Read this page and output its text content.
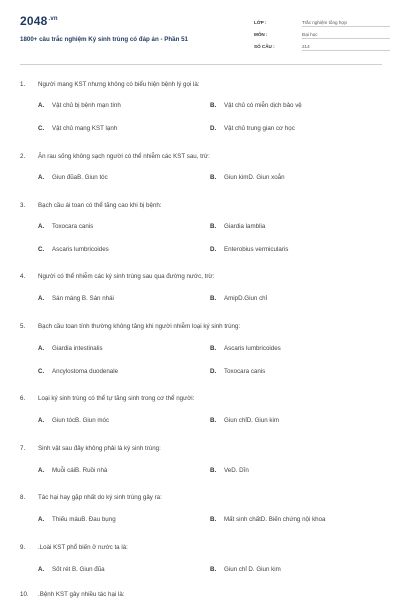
$2048^{.vn}$
1800+ câu trắc nghiệm Ký sinh trùng có đáp án - Phần 51
LỚP :	Trắc nghiệm tổng hợp
MÔN :	Đại học
SỐ CÂU :	214
1. Người mang KST nhưng không có biểu hiện bệnh lý gọi là:
A. Vật chủ bị bệnh mạn tính	B. Vật chủ có miễn dịch bảo vệ
C. Vật chủ mang KST lạnh	D. Vật chủ trung gian cơ học
2. Ăn rau sống không sạch người có thể nhiễm các KST sau, trừ:
A. Giun đũaB. Giun tóc	B. Giun kimD. Giun xoắn
3. Bạch cầu ái toan có thể tăng cao khi bị bệnh:
A. Toxocara canis	B. Giardia lamblia
C. Ascaris lumbricoides	D. Enterobius vermicularis
4. Người có thể nhiễm các ký sinh trùng sau qua đường nước, trừ:
A. Sán máng B. Sán nhái	B. AmipD.Giun chỉ
5. Bạch cầu toan tính thường không tăng khi người nhiễm loại ký sinh trùng:
A. Giardia intestinalis	B. Ascaris lumbricoides
C. Ancylostoma duodenale	D. Toxocara canis
6. Loại ký sinh trùng có thể tự tăng sinh trong cơ thể người:
A. Giun tócB. Giun móc	B. Giun chỉD. Giun kim
7. Sinh vật sau đây không phải là ký sinh trùng:
A. Muỗi cáiB. Ruồi nhà	B. VeD. Dĩn
8. Tác hại hay gặp nhất do ký sinh trùng gây ra:
A. Thiếu máuB. Đau bụng	B. Mất sinh chấtD. Biến chứng nội khoa
9. .Loài KST phổ biến ở nước ta là:
A. Sốt rét B. Giun đũa	B. Giun chỉ D. Giun kim
10. .Bệnh KST gây nhiều tác hại là:
